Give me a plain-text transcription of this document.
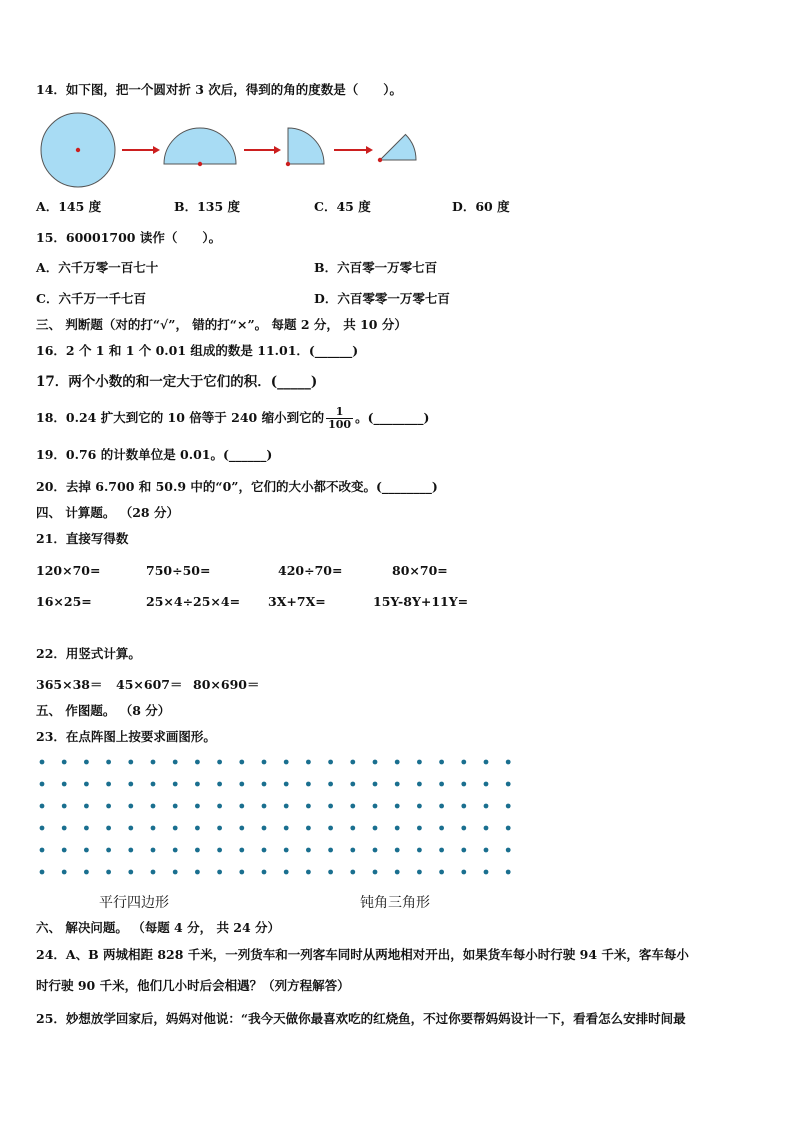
14．如下图，把一个圆对折 3 次后，得到的角的度数是（　　）。
A．145 度	B．135 度	C．45 度	D．60 度
15．60001700 读作（　　）。
A．六千万零一百七十	B．六百零一万零七百
C．六千万一千七百	D．六百零零一万零七百
三、 判断题（对的打“√”， 错的打“×”。 每题 2 分， 共 10 分）
16．2 个 1 和 1 个 0.01 组成的数是 11.01．(______)
17．两个小数的和一定大于它们的积．(_____)
18．0.24 扩大到它的 10 倍等于 240 缩小到它的 $\frac{1}{100}$ 。(________)
19．0.76 的计数单位是 0.01。(______)
20．去掉 6.700 和 50.9 中的“0”，它们的大小都不改变。(________)
四、 计算题。 （28 分）
21．直接写得数
120×70=	750÷50=	420÷70=	80×70=
16×25=	25×4÷25×4= 3X+7X=	15Y-8Y+11Y=
22．用竖式计算。
365×38＝ 45×607＝ 80×690＝
五、 作图题。 （8 分）
23．在点阵图上按要求画图形。
平行四边形	钝角三角形
六、 解决问题。 （每题 4 分， 共 24 分）
24．A、B 两城相距 828 千米，一列货车和一列客车同时从两地相对开出，如果货车每小时行驶 94 千米，客车每小
时行驶 90 千米，他们几小时后会相遇？（列方程解答）
25．妙想放学回家后，妈妈对他说：“我今天做你最喜欢吃的红烧鱼，不过你要帮妈妈设计一下，看看怎么安排时间最
